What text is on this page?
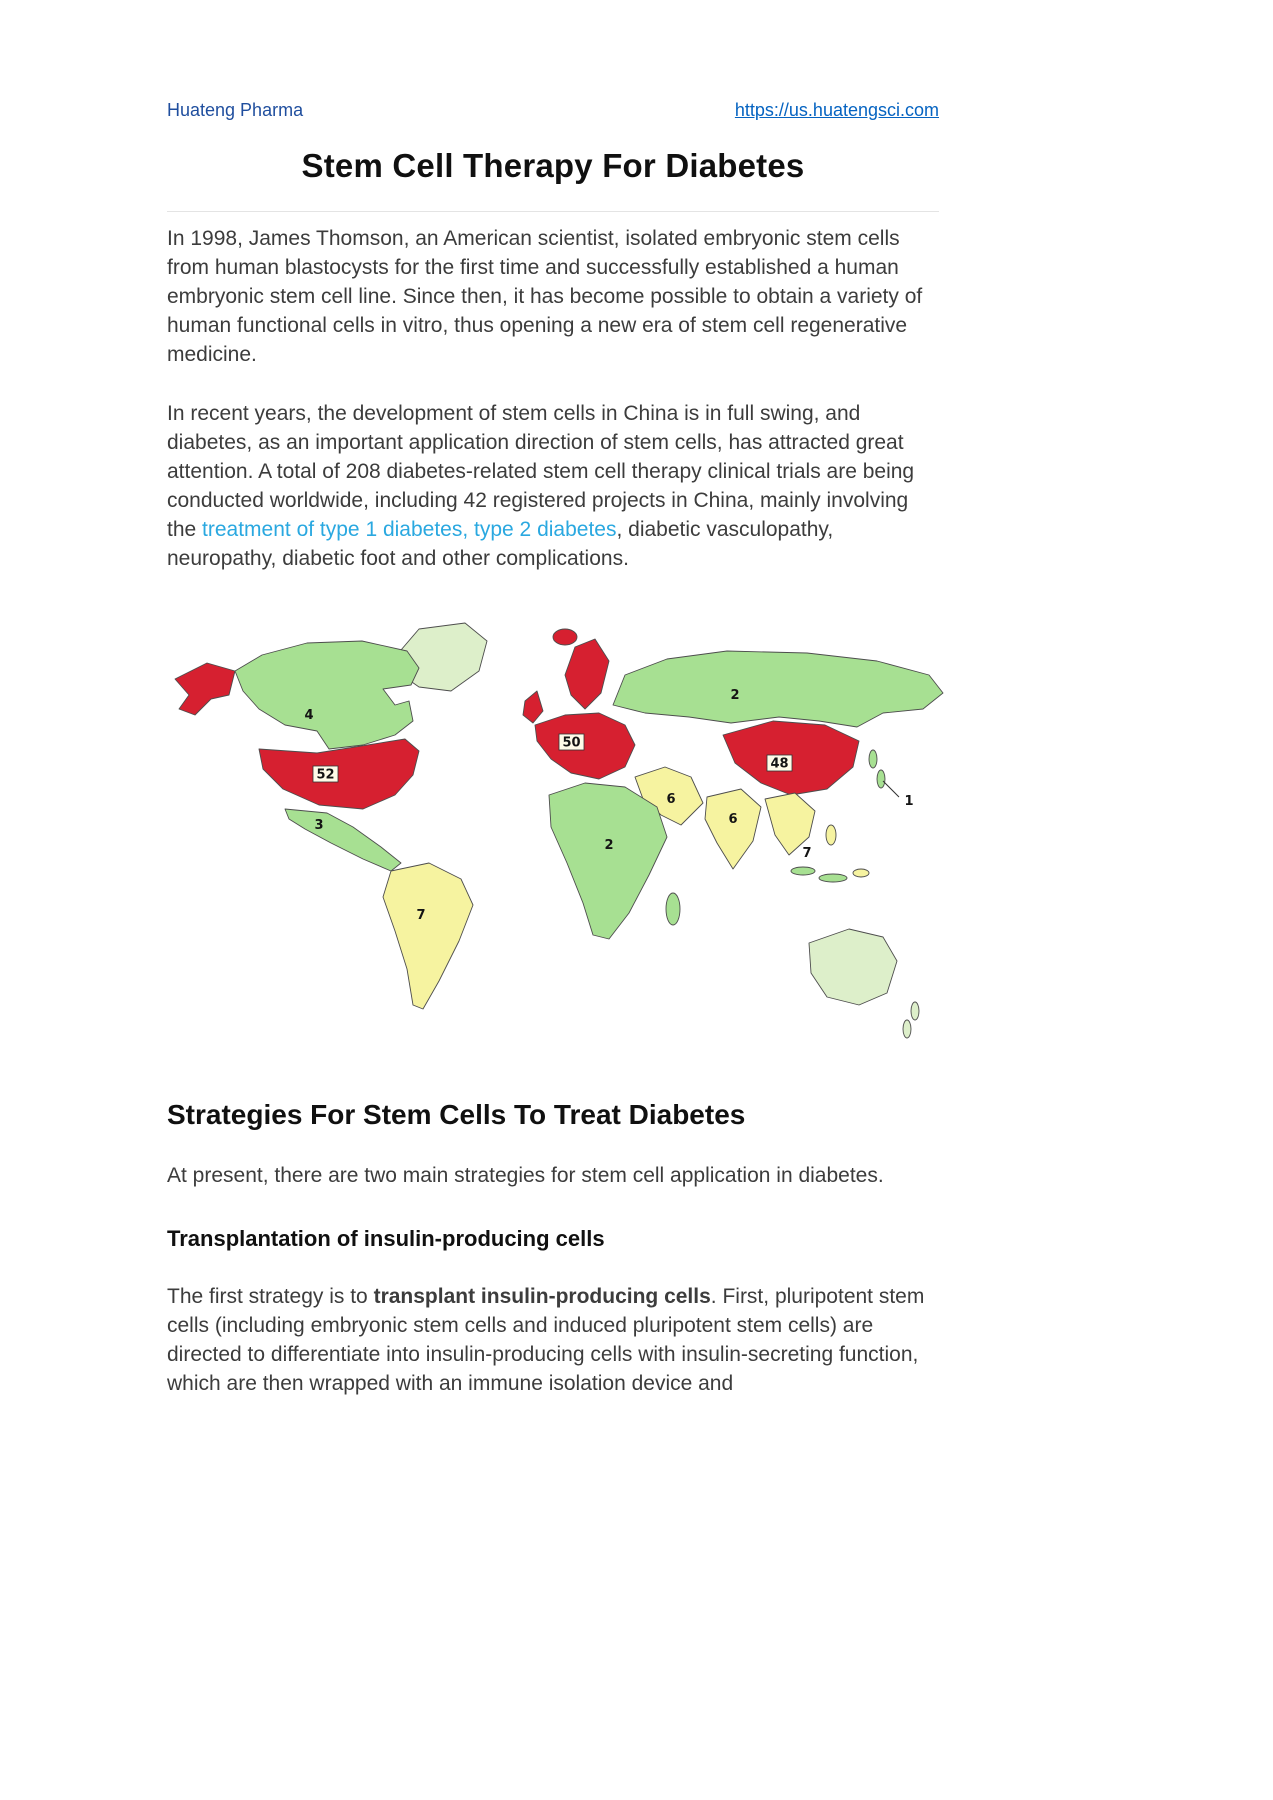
Huateng Pharma	https://us.huatengsci.com
Stem Cell Therapy For Diabetes

In 1998, James Thomson, an American scientist, isolated embryonic stem cells from human blastocysts for the first time and successfully established a human embryonic stem cell line. Since then, it has become possible to obtain a variety of human functional cells in vitro, thus opening a new era of stem cell regenerative medicine.

In recent years, the development of stem cells in China is in full swing, and diabetes, as an important application direction of stem cells, has attracted great attention. A total of 208 diabetes-related stem cell therapy clinical trials are being conducted worldwide, including 42 registered projects in China, mainly involving the treatment of type 1 diabetes, type 2 diabetes, diabetic vasculopathy, neuropathy, diabetic foot and other complications.

52
50
48
4
3
7
2
2
6
6
7
1
Strategies For Stem Cells To Treat Diabetes

At present, there are two main strategies for stem cell application in diabetes.

Transplantation of insulin-producing cells

The first strategy is to transplant insulin-producing cells. First, pluripotent stem cells (including embryonic stem cells and induced pluripotent stem cells) are directed to differentiate into insulin-producing cells with insulin-secreting function, which are then wrapped with an immune isolation device and
